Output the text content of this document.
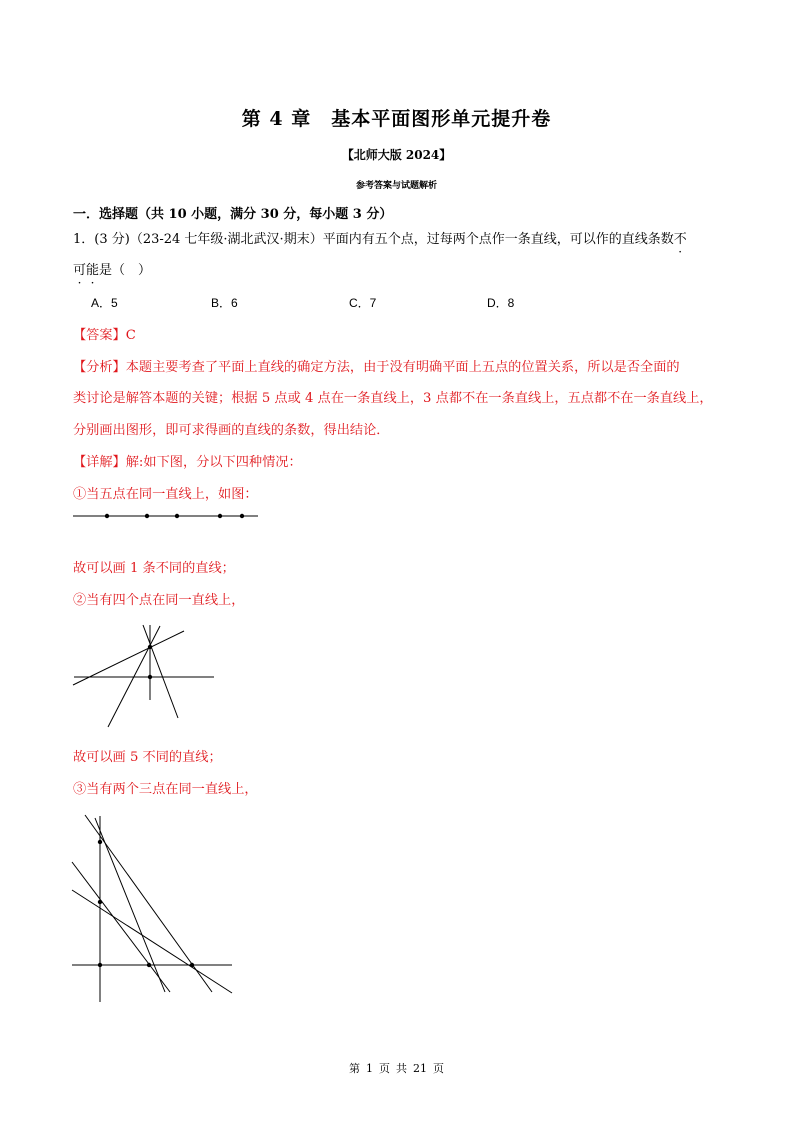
第 4 章　基本平面图形单元提升卷
【北师大版 2024】
参考答案与试题解析
一．选择题（共 10 小题，满分 30 分，每小题 3 分）
1．(3 分)（23-24 七年级·湖北武汉·期末）平面内有五个点，过每两个点作一条直线，可以作的直线条数不
可能是（　）
A．5	B．6	C．7	D．8
【答案】C
【分析】本题主要考查了平面上直线的确定方法，由于没有明确平面上五点的位置关系，所以是否全面的
类讨论是解答本题的关键；根据 5 点或 4 点在一条直线上，3 点都不在一条直线上，五点都不在一条直线上，
分别画出图形，即可求得画的直线的条数，得出结论．
【详解】解:如下图，分以下四种情况：
①当五点在同一直线上，如图：
故可以画 1 条不同的直线；
②当有四个点在同一直线上，
故可以画 5 不同的直线；
③当有两个三点在同一直线上，
第 1 页 共 21 页
